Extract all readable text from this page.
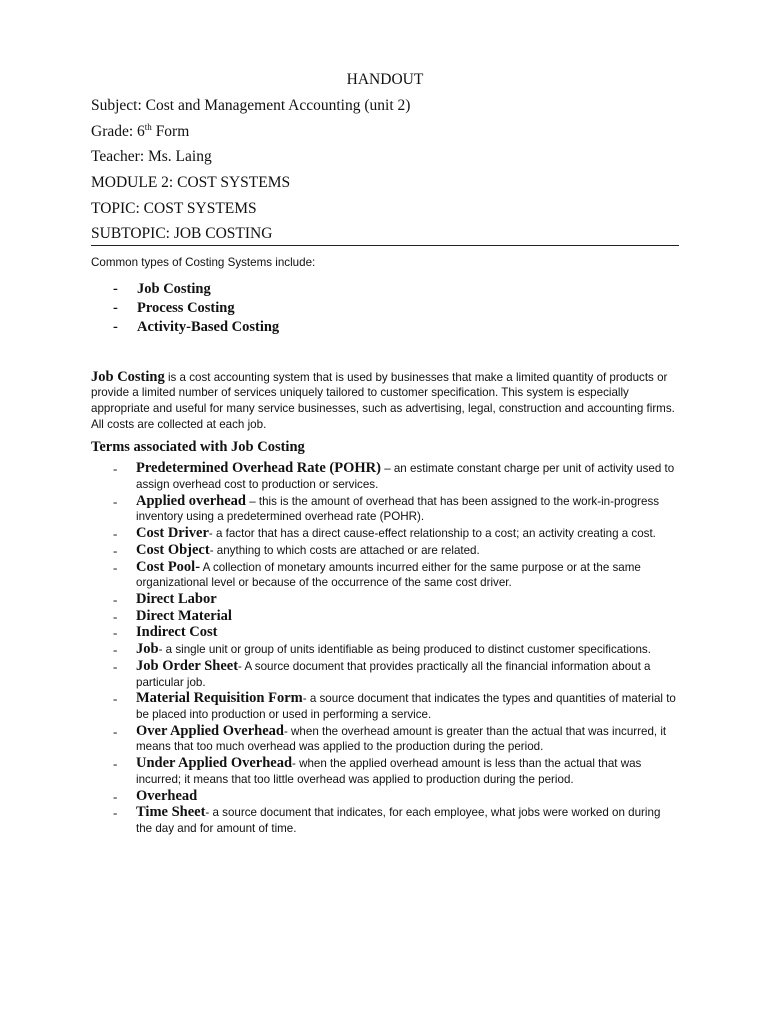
HANDOUT
Subject: Cost and Management Accounting (unit 2)
Grade: 6th Form
Teacher: Ms. Laing
MODULE 2: COST SYSTEMS
TOPIC: COST SYSTEMS
SUBTOPIC: JOB COSTING
Common types of Costing Systems include:
- Job Costing
- Process Costing
- Activity-Based Costing

Job Costing is a cost accounting system that is used by businesses that make a limited quantity of products or provide a limited number of services uniquely tailored to customer specification. This system is especially appropriate and useful for many service businesses, such as advertising, legal, construction and accounting firms. All costs are collected at each job.

Terms associated with Job Costing
- Predetermined Overhead Rate (POHR) – an estimate constant charge per unit of activity used to assign overhead cost to production or services.
- Applied overhead – this is the amount of overhead that has been assigned to the work-in-progress inventory using a predetermined overhead rate (POHR).
- Cost Driver- a factor that has a direct cause-effect relationship to a cost; an activity creating a cost.
- Cost Object- anything to which costs are attached or are related.
- Cost Pool- A collection of monetary amounts incurred either for the same purpose or at the same organizational level or because of the occurrence of the same cost driver.
- Direct Labor
- Direct Material
- Indirect Cost
- Job- a single unit or group of units identifiable as being produced to distinct customer specifications.
- Job Order Sheet- A source document that provides practically all the financial information about a particular job.
- Material Requisition Form- a source document that indicates the types and quantities of material to be placed into production or used in performing a service.
- Over Applied Overhead- when the overhead amount is greater than the actual that was incurred, it means that too much overhead was applied to the production during the period.
- Under Applied Overhead- when the applied overhead amount is less than the actual that was incurred; it means that too little overhead was applied to production during the period.
- Overhead
- Time Sheet- a source document that indicates, for each employee, what jobs were worked on during the day and for amount of time.
